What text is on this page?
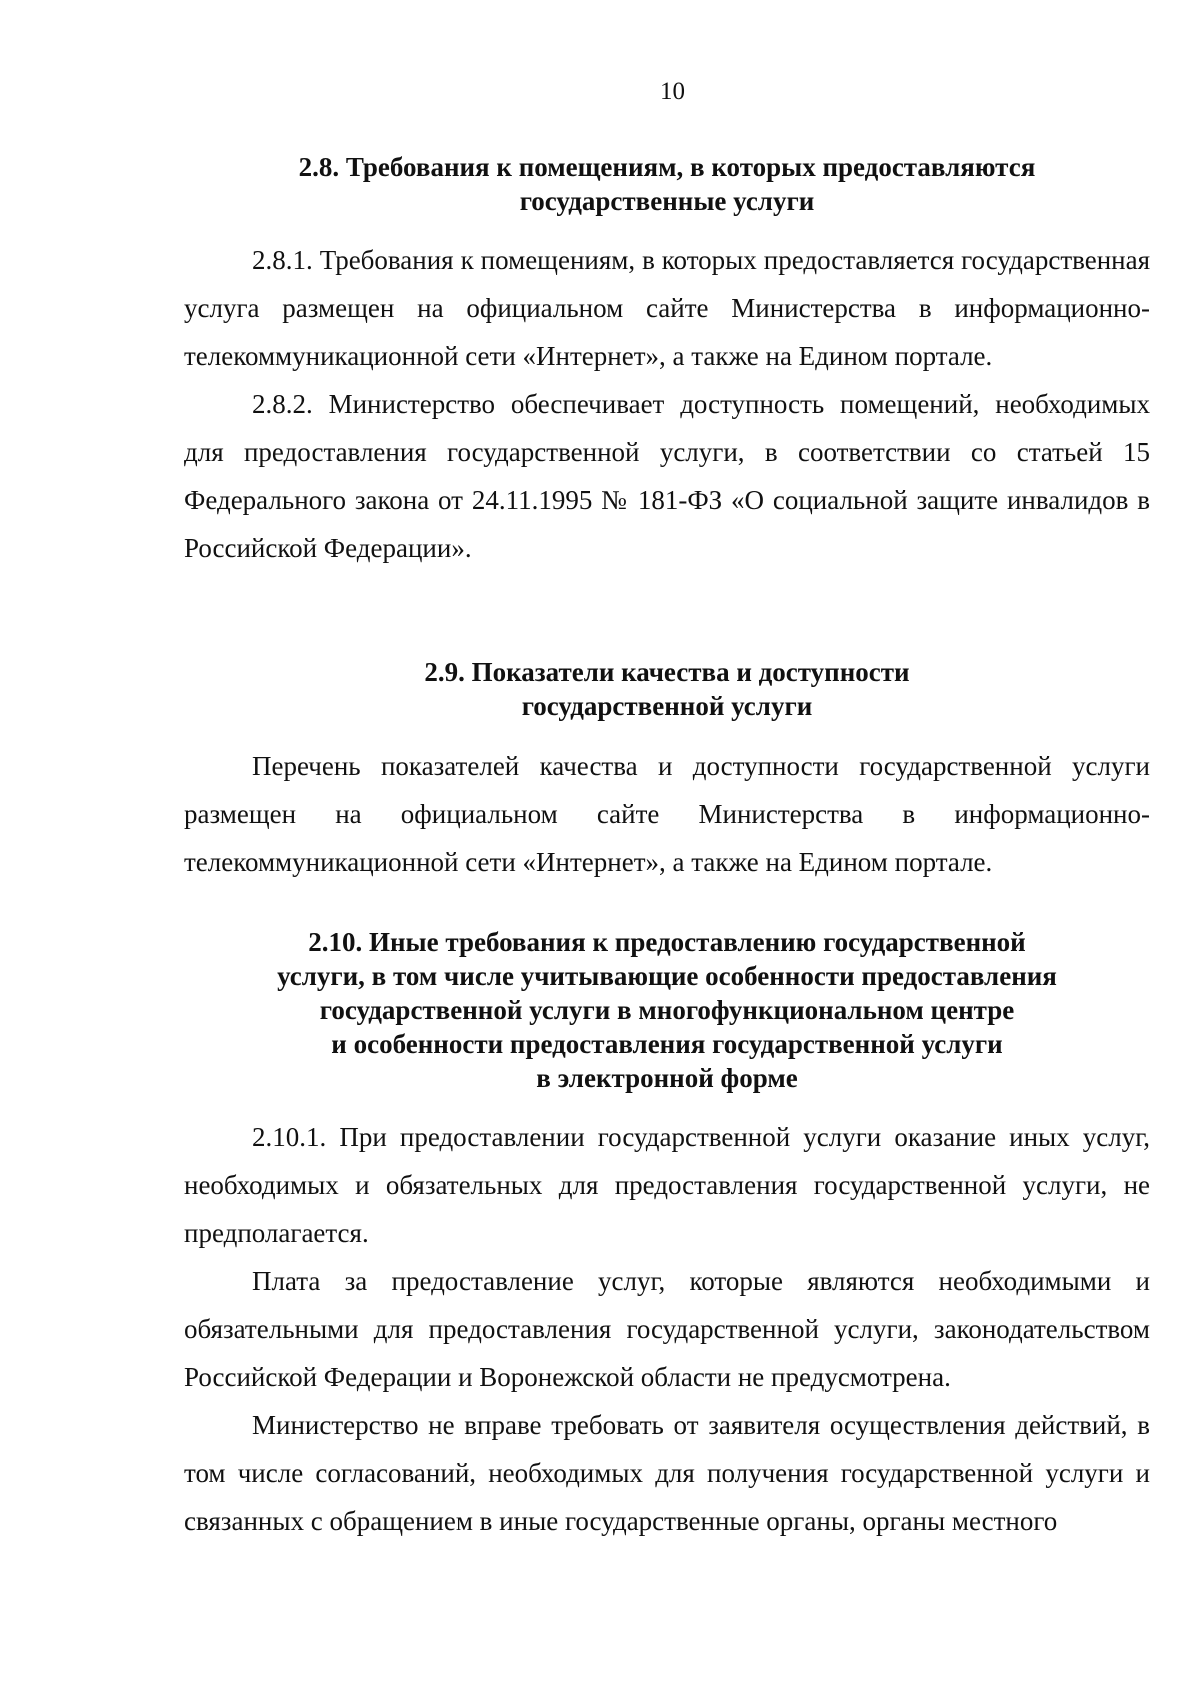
10
2.8. Требования к помещениям, в которых предоставляются
государственные услуги

2.8.1. Требования к помещениям, в которых предоставляется государственная услуга размещен на официальном сайте Министерства в информационно-телекоммуникационной сети «Интернет», а также на Едином портале.

2.8.2. Министерство обеспечивает доступность помещений, необходимых для предоставления государственной услуги, в соответствии со статьей 15 Федерального закона от 24.11.1995 № 181-ФЗ «О социальной защите инвалидов в Российской Федерации».

2.9. Показатели качества и доступности
государственной услуги

Перечень показателей качества и доступности государственной услуги размещен на официальном сайте Министерства в информационно-телекоммуникационной сети «Интернет», а также на Едином портале.

2.10. Иные требования к предоставлению государственной
услуги, в том числе учитывающие особенности предоставления
государственной услуги в многофункциональном центре
и особенности предоставления государственной услуги
в электронной форме

2.10.1. При предоставлении государственной услуги оказание иных услуг, необходимых и обязательных для предоставления государственной услуги, не предполагается.

Плата за предоставление услуг, которые являются необходимыми и обязательными для предоставления государственной услуги, законодательством Российской Федерации и Воронежской области не предусмотрена.

Министерство не вправе требовать от заявителя осуществления действий, в том числе согласований, необходимых для получения государственной услуги и связанных с обращением в иные государственные органы, органы местного
